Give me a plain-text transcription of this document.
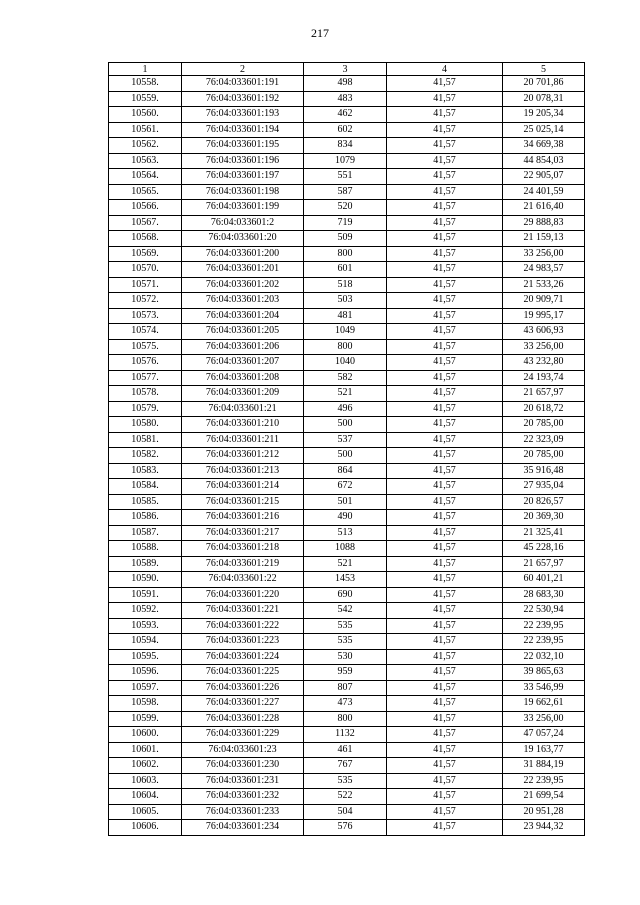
217
1	2	3	4	5
10558.	76:04:033601:191	498	41,57	20 701,86
10559.	76:04:033601:192	483	41,57	20 078,31
10560.	76:04:033601:193	462	41,57	19 205,34
10561.	76:04:033601:194	602	41,57	25 025,14
10562.	76:04:033601:195	834	41,57	34 669,38
10563.	76:04:033601:196	1079	41,57	44 854,03
10564.	76:04:033601:197	551	41,57	22 905,07
10565.	76:04:033601:198	587	41,57	24 401,59
10566.	76:04:033601:199	520	41,57	21 616,40
10567.	76:04:033601:2	719	41,57	29 888,83
10568.	76:04:033601:20	509	41,57	21 159,13
10569.	76:04:033601:200	800	41,57	33 256,00
10570.	76:04:033601:201	601	41,57	24 983,57
10571.	76:04:033601:202	518	41,57	21 533,26
10572.	76:04:033601:203	503	41,57	20 909,71
10573.	76:04:033601:204	481	41,57	19 995,17
10574.	76:04:033601:205	1049	41,57	43 606,93
10575.	76:04:033601:206	800	41,57	33 256,00
10576.	76:04:033601:207	1040	41,57	43 232,80
10577.	76:04:033601:208	582	41,57	24 193,74
10578.	76:04:033601:209	521	41,57	21 657,97
10579.	76:04:033601:21	496	41,57	20 618,72
10580.	76:04:033601:210	500	41,57	20 785,00
10581.	76:04:033601:211	537	41,57	22 323,09
10582.	76:04:033601:212	500	41,57	20 785,00
10583.	76:04:033601:213	864	41,57	35 916,48
10584.	76:04:033601:214	672	41,57	27 935,04
10585.	76:04:033601:215	501	41,57	20 826,57
10586.	76:04:033601:216	490	41,57	20 369,30
10587.	76:04:033601:217	513	41,57	21 325,41
10588.	76:04:033601:218	1088	41,57	45 228,16
10589.	76:04:033601:219	521	41,57	21 657,97
10590.	76:04:033601:22	1453	41,57	60 401,21
10591.	76:04:033601:220	690	41,57	28 683,30
10592.	76:04:033601:221	542	41,57	22 530,94
10593.	76:04:033601:222	535	41,57	22 239,95
10594.	76:04:033601:223	535	41,57	22 239,95
10595.	76:04:033601:224	530	41,57	22 032,10
10596.	76:04:033601:225	959	41,57	39 865,63
10597.	76:04:033601:226	807	41,57	33 546,99
10598.	76:04:033601:227	473	41,57	19 662,61
10599.	76:04:033601:228	800	41,57	33 256,00
10600.	76:04:033601:229	1132	41,57	47 057,24
10601.	76:04:033601:23	461	41,57	19 163,77
10602.	76:04:033601:230	767	41,57	31 884,19
10603.	76:04:033601:231	535	41,57	22 239,95
10604.	76:04:033601:232	522	41,57	21 699,54
10605.	76:04:033601:233	504	41,57	20 951,28
10606.	76:04:033601:234	576	41,57	23 944,32
